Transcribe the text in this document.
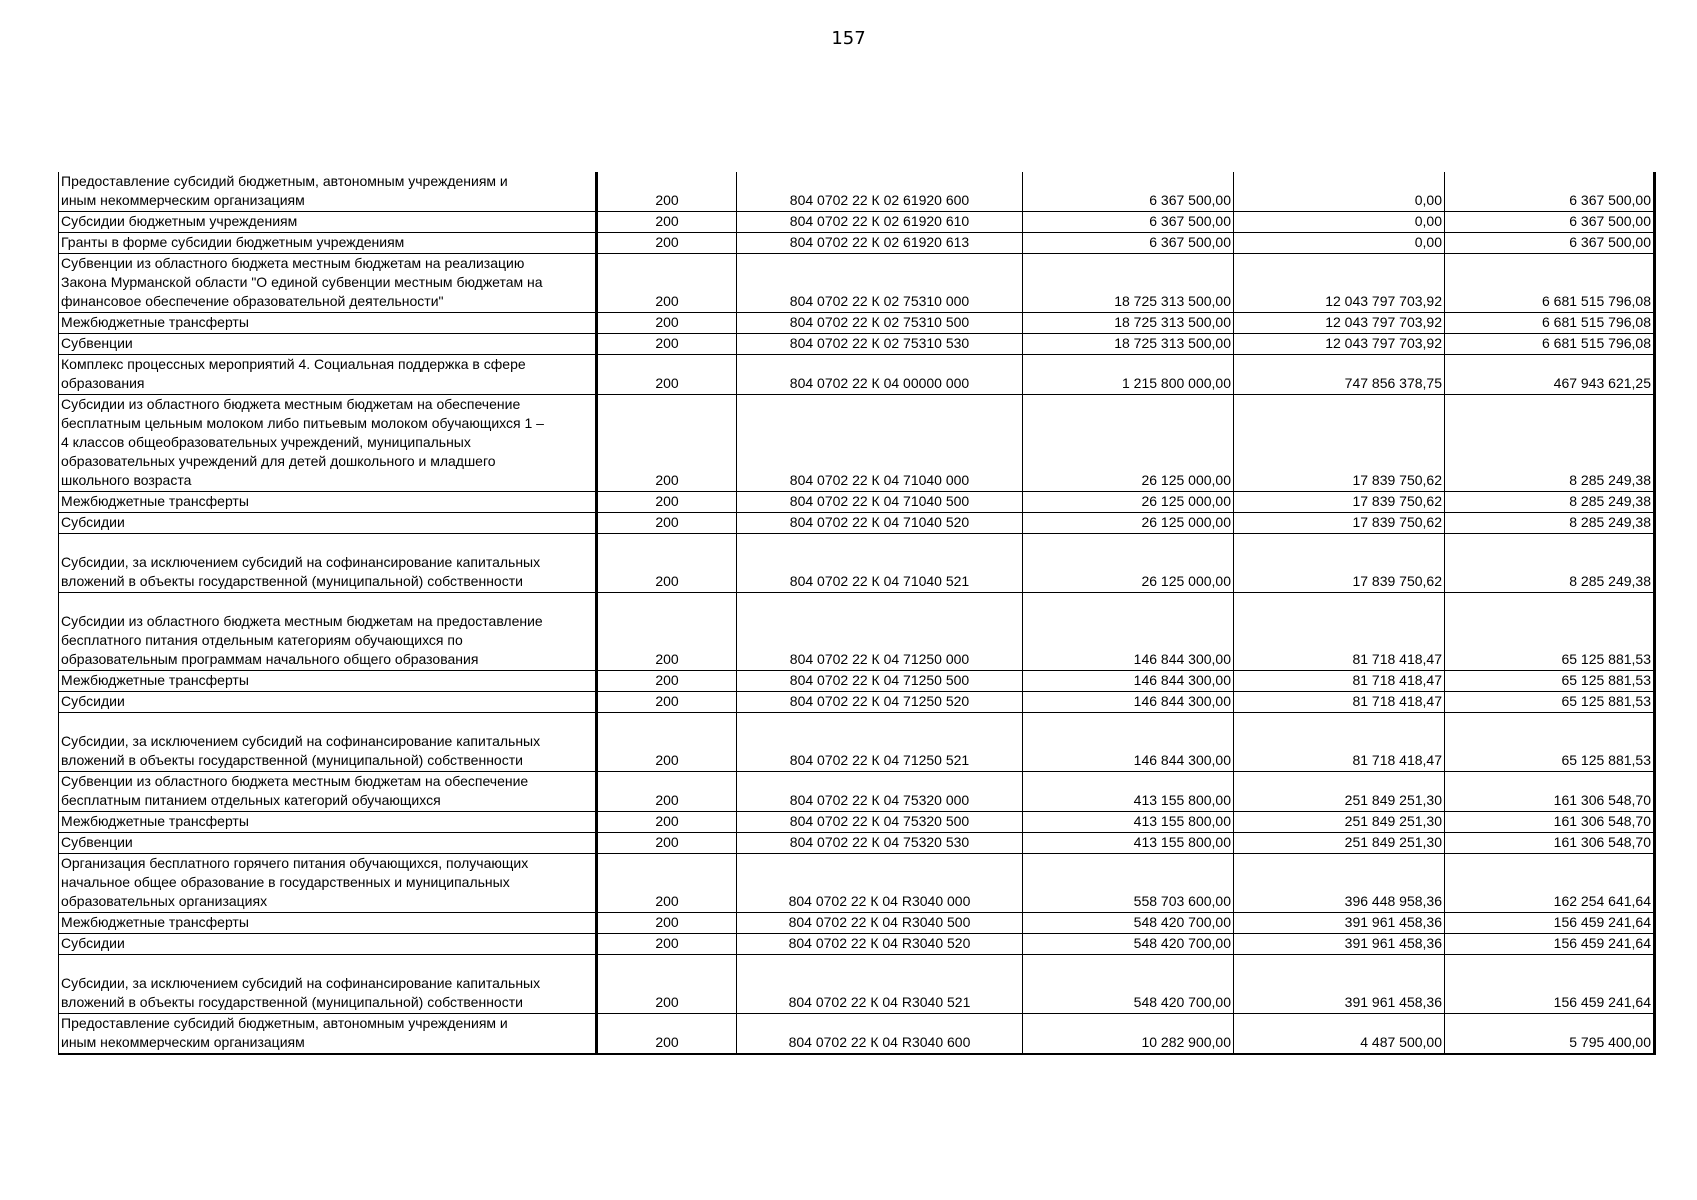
157
Предоставление субсидий бюджетным, автономным учреждениям и
иным некоммерческим организациям	200	804 0702 22 К 02 61920 600	6 367 500,00	0,00	6 367 500,00
Субсидии бюджетным учреждениям	200	804 0702 22 К 02 61920 610	6 367 500,00	0,00	6 367 500,00
Гранты в форме субсидии бюджетным учреждениям	200	804 0702 22 К 02 61920 613	6 367 500,00	0,00	6 367 500,00
Субвенции из областного бюджета местным бюджетам на реализацию
Закона Мурманской области "О единой субвенции местным бюджетам на
финансовое обеспечение образовательной деятельности"	200	804 0702 22 К 02 75310 000	18 725 313 500,00	12 043 797 703,92	6 681 515 796,08
Межбюджетные трансферты	200	804 0702 22 К 02 75310 500	18 725 313 500,00	12 043 797 703,92	6 681 515 796,08
Субвенции	200	804 0702 22 К 02 75310 530	18 725 313 500,00	12 043 797 703,92	6 681 515 796,08
Комплекс процессных мероприятий 4. Социальная поддержка в сфере
образования	200	804 0702 22 К 04 00000 000	1 215 800 000,00	747 856 378,75	467 943 621,25
Субсидии из областного бюджета местным бюджетам на обеспечение
бесплатным цельным молоком либо питьевым молоком обучающихся 1 –
4 классов общеобразовательных учреждений, муниципальных
образовательных учреждений для детей дошкольного и младшего
школьного возраста	200	804 0702 22 К 04 71040 000	26 125 000,00	17 839 750,62	8 285 249,38
Межбюджетные трансферты	200	804 0702 22 К 04 71040 500	26 125 000,00	17 839 750,62	8 285 249,38
Субсидии	200	804 0702 22 К 04 71040 520	26 125 000,00	17 839 750,62	8 285 249,38

Субсидии, за исключением субсидий на софинансирование капитальных
вложений в объекты государственной (муниципальной) собственности	200	804 0702 22 К 04 71040 521	26 125 000,00	17 839 750,62	8 285 249,38

Субсидии из областного бюджета местным бюджетам на предоставление
бесплатного питания отдельным категориям обучающихся по
образовательным программам начального общего образования	200	804 0702 22 К 04 71250 000	146 844 300,00	81 718 418,47	65 125 881,53
Межбюджетные трансферты	200	804 0702 22 К 04 71250 500	146 844 300,00	81 718 418,47	65 125 881,53
Субсидии	200	804 0702 22 К 04 71250 520	146 844 300,00	81 718 418,47	65 125 881,53

Субсидии, за исключением субсидий на софинансирование капитальных
вложений в объекты государственной (муниципальной) собственности	200	804 0702 22 К 04 71250 521	146 844 300,00	81 718 418,47	65 125 881,53
Субвенции из областного бюджета местным бюджетам на обеспечение
бесплатным питанием отдельных категорий обучающихся	200	804 0702 22 К 04 75320 000	413 155 800,00	251 849 251,30	161 306 548,70
Межбюджетные трансферты	200	804 0702 22 К 04 75320 500	413 155 800,00	251 849 251,30	161 306 548,70
Субвенции	200	804 0702 22 К 04 75320 530	413 155 800,00	251 849 251,30	161 306 548,70
Организация бесплатного горячего питания обучающихся, получающих
начальное общее образование в государственных и муниципальных
образовательных организациях	200	804 0702 22 К 04 R3040 000	558 703 600,00	396 448 958,36	162 254 641,64
Межбюджетные трансферты	200	804 0702 22 К 04 R3040 500	548 420 700,00	391 961 458,36	156 459 241,64
Субсидии	200	804 0702 22 К 04 R3040 520	548 420 700,00	391 961 458,36	156 459 241,64

Субсидии, за исключением субсидий на софинансирование капитальных
вложений в объекты государственной (муниципальной) собственности	200	804 0702 22 К 04 R3040 521	548 420 700,00	391 961 458,36	156 459 241,64
Предоставление субсидий бюджетным, автономным учреждениям и
иным некоммерческим организациям	200	804 0702 22 К 04 R3040 600	10 282 900,00	4 487 500,00	5 795 400,00
